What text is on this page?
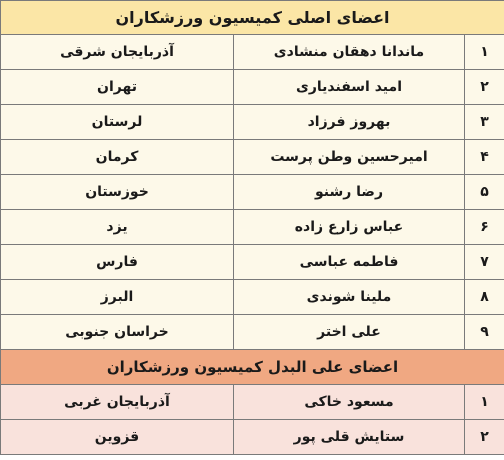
اعضای اصلی کمیسیون ورزشکاران		
۱	ماندانا دهقان منشادی	آذربایجان شرقی
۲	امید اسفندیاری	تهران
۳	بهروز فرزاد	لرستان
۴	امیرحسین وطن پرست	کرمان
۵	رضا رشنو	خوزستان
۶	عباس زارع زاده	یزد
۷	فاطمه عباسی	فارس
۸	ملینا شوندی	البرز
۹	علی اختر	خراسان جنوبی
اعضای علی البدل کمیسیون ورزشکاران		
۱	مسعود خاکی	آذربایجان غربی
۲	ستایش قلی پور	قزوین
